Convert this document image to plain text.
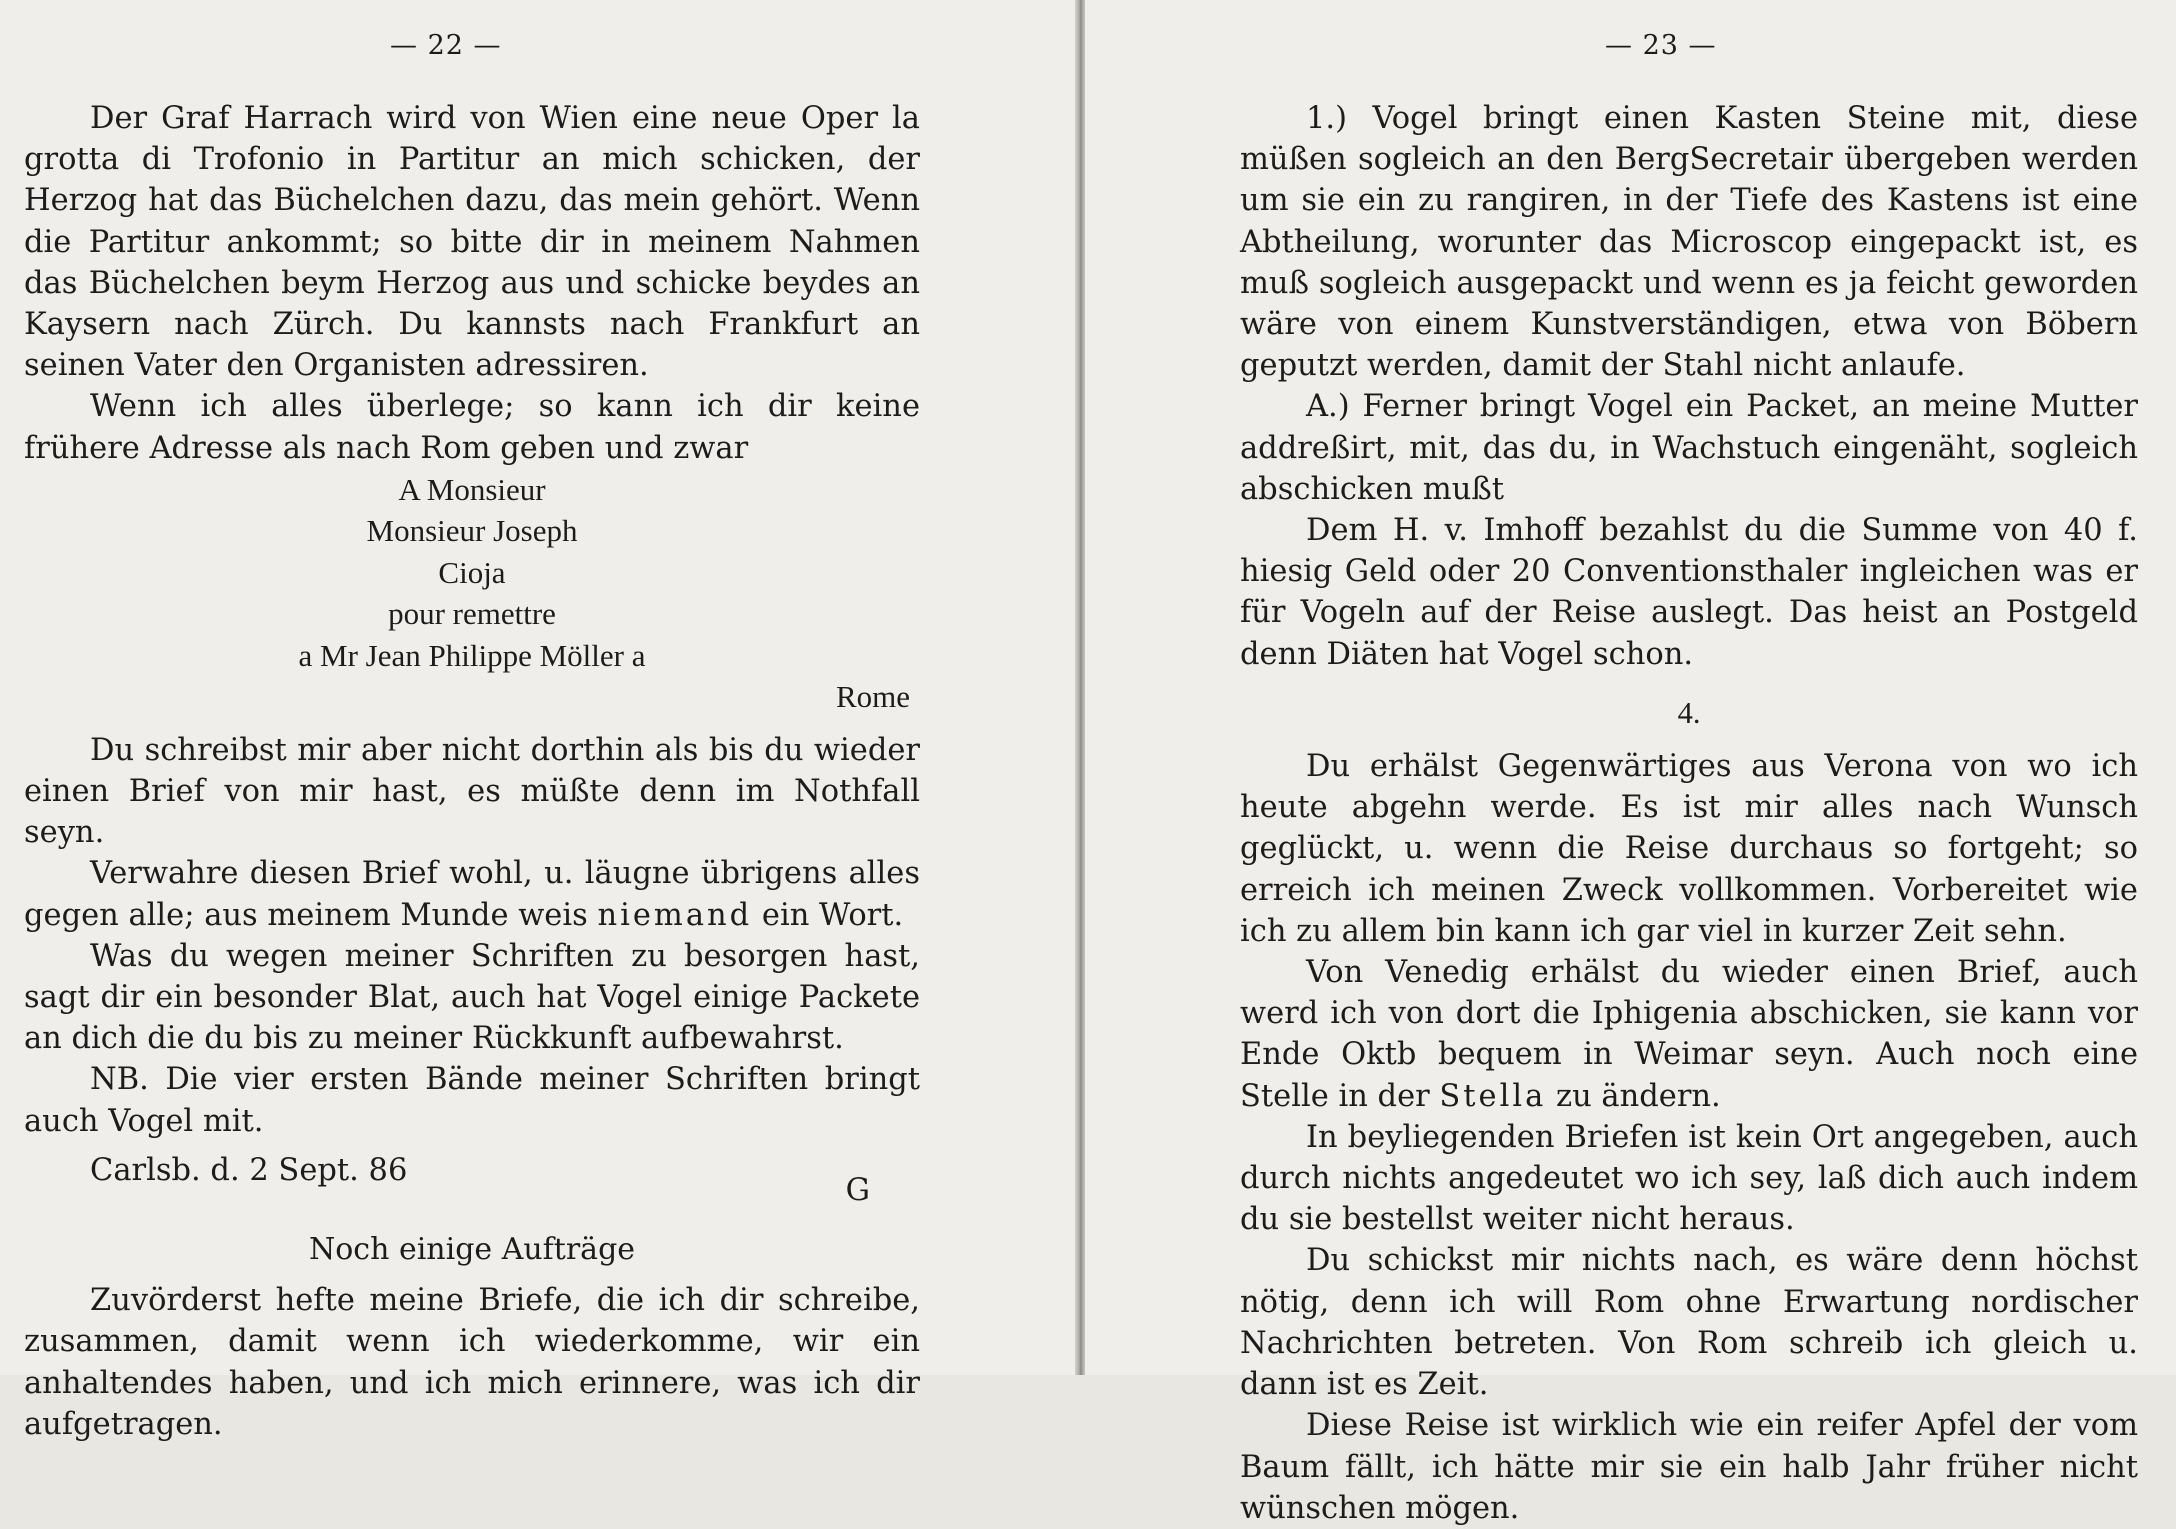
— 22 —

Der Graf Harrach wird von Wien eine neue Oper la grotta di Trofonio in Partitur an mich schicken, der Herzog hat das Büchelchen dazu, das mein gehört. Wenn die Partitur ankommt; so bitte dir in meinem Nahmen das Büchelchen beym Herzog aus und schicke beydes an Kaysern nach Zürch. Du kannsts nach Frankfurt an seinen Vater den Organisten adressiren.

Wenn ich alles überlege; so kann ich dir keine frühere Adresse als nach Rom geben und zwar

A Monsieur

Monsieur Joseph

Cioja

pour remettre

a Mr Jean Philippe Möller a

Rome

Du schreibst mir aber nicht dorthin als bis du wieder einen Brief von mir hast, es müßte denn im Nothfall seyn.

Verwahre diesen Brief wohl, u. läugne übrigens alles gegen alle; aus meinem Munde weis niemand ein Wort.

Was du wegen meiner Schriften zu besorgen hast, sagt dir ein besonder Blat, auch hat Vogel einige Packete an dich die du bis zu meiner Rückkunft aufbewahrst.

NB. Die vier ersten Bände meiner Schriften bringt auch Vogel mit.

Carlsb. d. 2 Sept. 86
G
Noch einige Aufträge

Zuvörderst hefte meine Briefe, die ich dir schreibe, zusammen, damit wenn ich wiederkomme, wir ein anhaltendes haben, und ich mich erinnere, was ich dir aufgetragen.

— 23 —

1.) Vogel bringt einen Kasten Steine mit, diese müßen sogleich an den BergSecretair übergeben werden um sie ein zu rangiren, in der Tiefe des Kastens ist eine Abtheilung, worunter das Microscop eingepackt ist, es muß sogleich ausgepackt und wenn es ja feicht geworden wäre von einem Kunstverständigen, etwa von Böbern geputzt werden, damit der Stahl nicht anlaufe.

A.) Ferner bringt Vogel ein Packet, an meine Mutter addreßirt, mit, das du, in Wachstuch eingenäht, sogleich abschicken mußt

Dem H. v. Imhoff bezahlst du die Summe von 40 f. hiesig Geld oder 20 Conventionsthaler ingleichen was er für Vogeln auf der Reise auslegt. Das heist an Postgeld denn Diäten hat Vogel schon.

4.

Du erhälst Gegenwärtiges aus Verona von wo ich heute abgehn werde. Es ist mir alles nach Wunsch geglückt, u. wenn die Reise durchaus so fortgeht; so erreich ich meinen Zweck vollkommen. Vorbereitet wie ich zu allem bin kann ich gar viel in kurzer Zeit sehn.

Von Venedig erhälst du wieder einen Brief, auch werd ich von dort die Iphigenia abschicken, sie kann vor Ende Oktb bequem in Weimar seyn. Auch noch eine Stelle in der Stella zu ändern.

In beyliegenden Briefen ist kein Ort angegeben, auch durch nichts angedeutet wo ich sey, laß dich auch indem du sie bestellst weiter nicht heraus.

Du schickst mir nichts nach, es wäre denn höchst nötig, denn ich will Rom ohne Erwartung nordischer Nachrichten betreten. Von Rom schreib ich gleich u. dann ist es Zeit.

Diese Reise ist wirklich wie ein reifer Apfel der vom Baum fällt, ich hätte mir sie ein halb Jahr früher nicht wünschen mögen.
